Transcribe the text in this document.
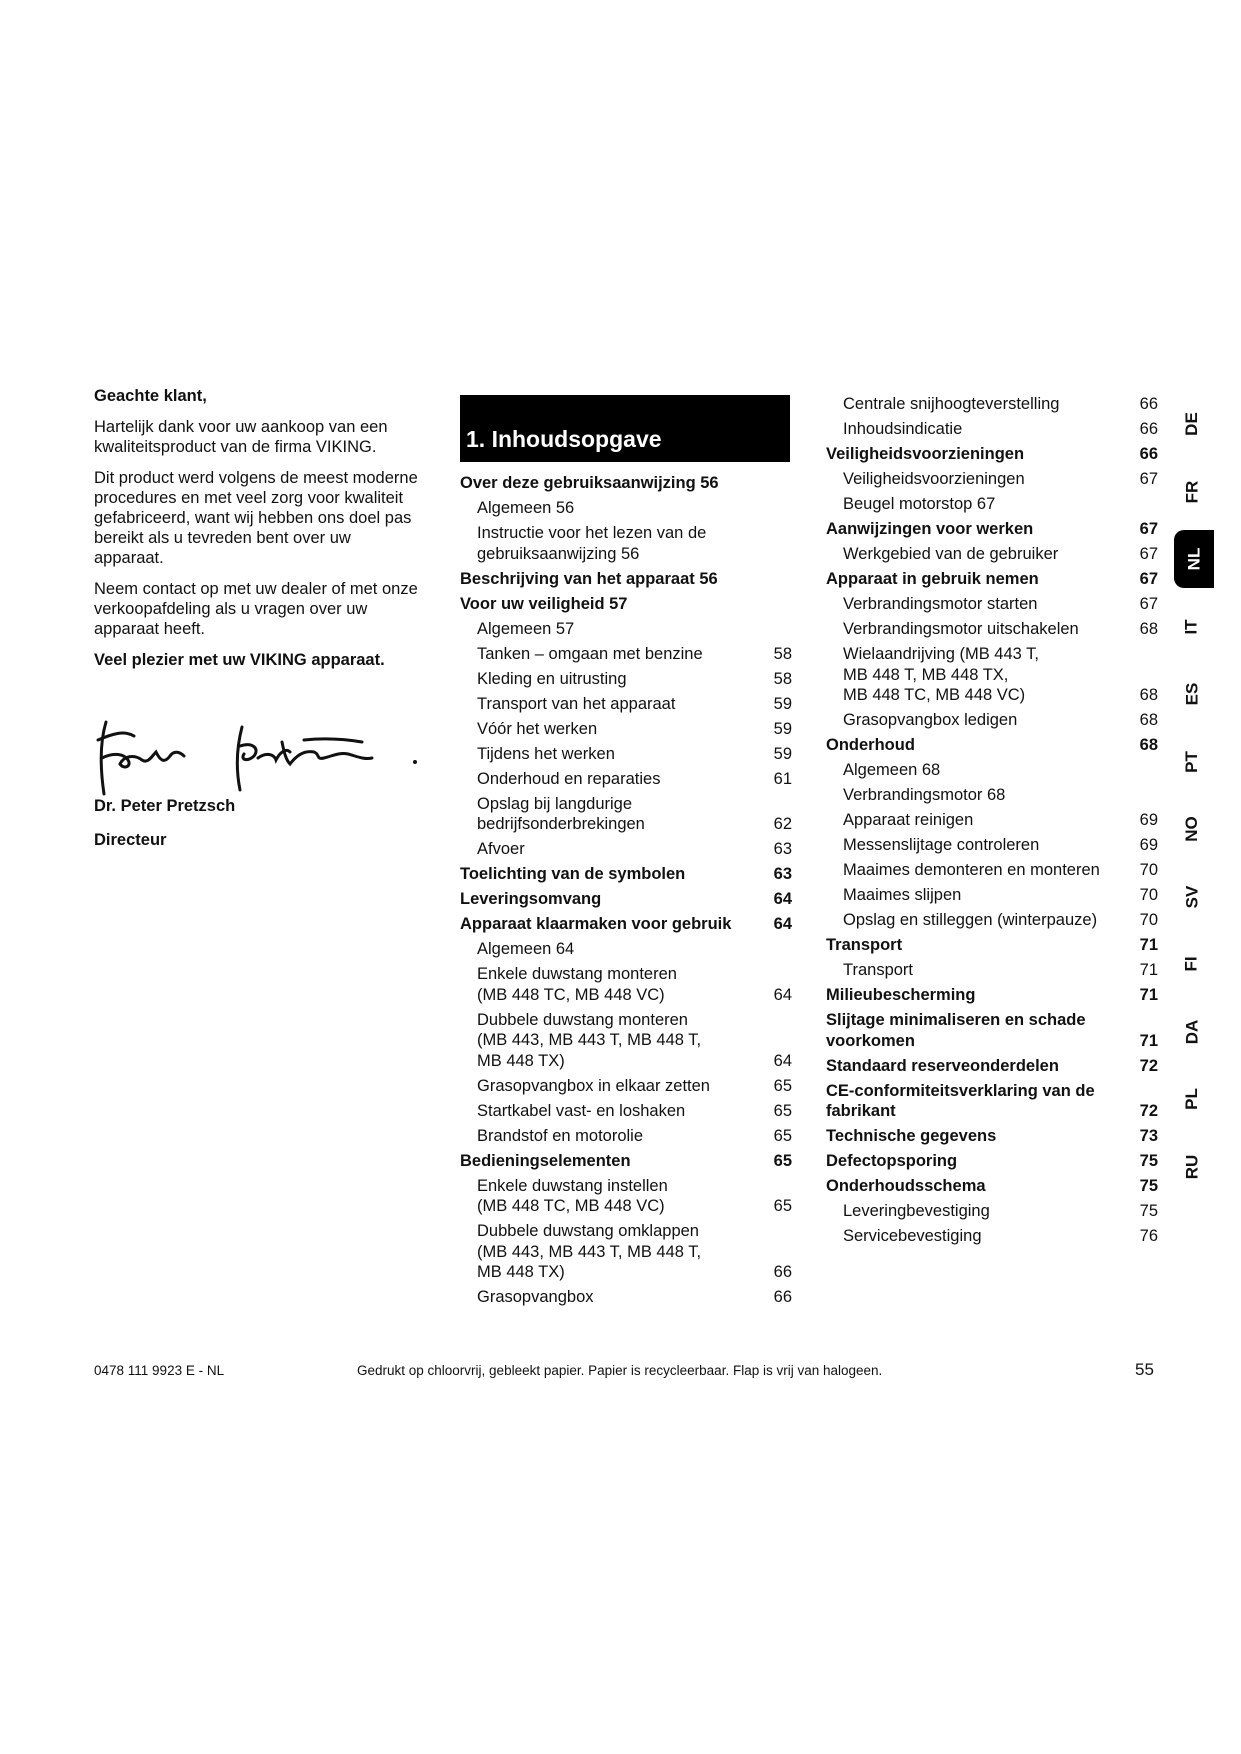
Geachte klant,

Hartelijk dank voor uw aankoop van een kwaliteitsproduct van de firma VIKING.

Dit product werd volgens de meest moderne procedures en met veel zorg voor kwaliteit gefabriceerd, want wij hebben ons doel pas bereikt als u tevreden bent over uw apparaat.

Neem contact op met uw dealer of met onze verkoopafdeling als u vragen over uw apparaat heeft.

Veel plezier met uw VIKING apparaat.

Dr. Peter Pretzsch
Directeur
1. Inhoudsopgave
Over deze gebruiksaanwijzing 56
Algemeen 56
Instructie voor het lezen van de
gebruiksaanwijzing 56
Beschrijving van het apparaat 56
Voor uw veiligheid 57
Algemeen 57
Tanken – omgaan met benzine	58
Kleding en uitrusting	58
Transport van het apparaat	59
Vóór het werken	59
Tijdens het werken	59
Onderhoud en reparaties	61
Opslag bij langdurige
bedrijfsonderbrekingen	62
Afvoer	63
Toelichting van de symbolen	63
Leveringsomvang	64
Apparaat klaarmaken voor gebruik	64
Algemeen 64
Enkele duwstang monteren
(MB 448 TC, MB 448 VC)	64
Dubbele duwstang monteren
(MB 443, MB 443 T, MB 448 T,
MB 448 TX)	64
Grasopvangbox in elkaar zetten	65
Startkabel vast- en loshaken	65
Brandstof en motorolie	65
Bedieningselementen	65
Enkele duwstang instellen
(MB 448 TC, MB 448 VC)	65
Dubbele duwstang omklappen
(MB 443, MB 443 T, MB 448 T,
MB 448 TX)	66
Grasopvangbox	66
Centrale snijhoogteverstelling	66
Inhoudsindicatie	66
Veiligheidsvoorzieningen	66
Veiligheidsvoorzieningen	67
Beugel motorstop 67
Aanwijzingen voor werken	67
Werkgebied van de gebruiker	67
Apparaat in gebruik nemen	67
Verbrandingsmotor starten	67
Verbrandingsmotor uitschakelen	68
Wielaandrijving (MB 443 T,
MB 448 T, MB 448 TX,
MB 448 TC, MB 448 VC)	68
Grasopvangbox ledigen	68
Onderhoud	68
Algemeen 68
Verbrandingsmotor 68
Apparaat reinigen	69
Messenslijtage controleren	69
Maaimes demonteren en monteren	70
Maaimes slijpen	70
Opslag en stilleggen (winterpauze)	70
Transport	71
Transport	71
Milieubescherming	71
Slijtage minimaliseren en schade
voorkomen	71
Standaard reserveonderdelen	72
CE-conformiteitsverklaring van de
fabrikant	72
Technische gegevens	73
Defectopsporing	75
Onderhoudsschema	75
Leveringbevestiging	75
Servicebevestiging	76
DE
FR
NL
IT
ES
PT
NO
SV
FI
DA
PL
RU
0478 111 9923 E - NL	Gedrukt op chloorvrij, gebleekt papier. Papier is recycleerbaar. Flap is vrij van halogeen.	55
